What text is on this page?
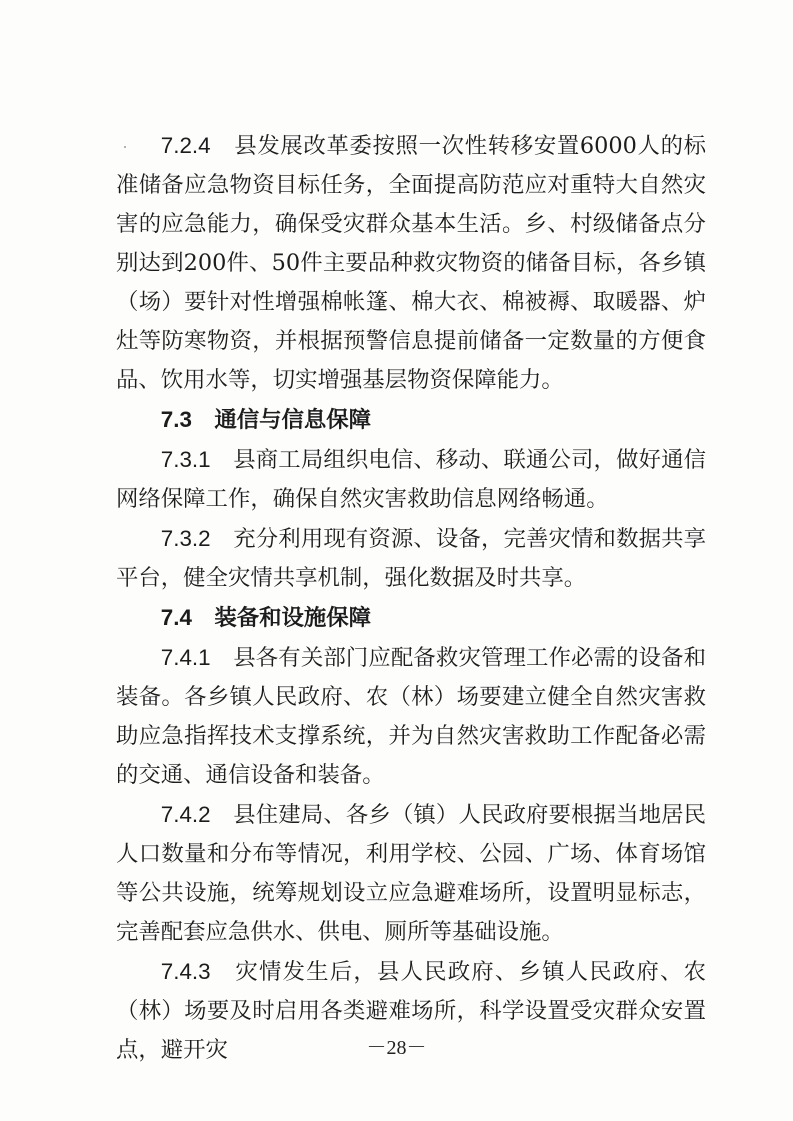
7.2.4　 县发展改革委按照一次性转移安置6000人的标准储备应急物资目标任务，全面提高防范应对重特大自然灾害的应急能力，确保受灾群众基本生活。乡、村级储备点分别达到200件、50件主要品种救灾物资的储备目标，各乡镇（场）要针对性增强棉帐篷、棉大衣、棉被褥、取暖器、炉灶等防寒物资，并根据预警信息提前储备一定数量的方便食品、饮用水等，切实增强基层物资保障能力。

7.3　 通信与信息保障

7.3.1　 县商工局组织电信、移动、联通公司，做好通信网络保障工作，确保自然灾害救助信息网络畅通。

7.3.2　 充分利用现有资源、设备，完善灾情和数据共享平台，健全灾情共享机制，强化数据及时共享。

7.4　 装备和设施保障

7.4.1　 县各有关部门应配备救灾管理工作必需的设备和装备。各乡镇人民政府、农（林）场要建立健全自然灾害救助应急指挥技术支撑系统，并为自然灾害救助工作配备必需的交通、通信设备和装备。

7.4.2　 县住建局、各乡（镇）人民政府要根据当地居民人口数量和分布等情况，利用学校、公园、广场、体育场馆等公共设施，统筹规划设立应急避难场所，设置明显标志，完善配套应急供水、供电、厕所等基础设施。

7.4.3　 灾情发生后，县人民政府、乡镇人民政府、农（林）场要及时启用各类避难场所，科学设置受灾群众安置点，避开灾	－28－
